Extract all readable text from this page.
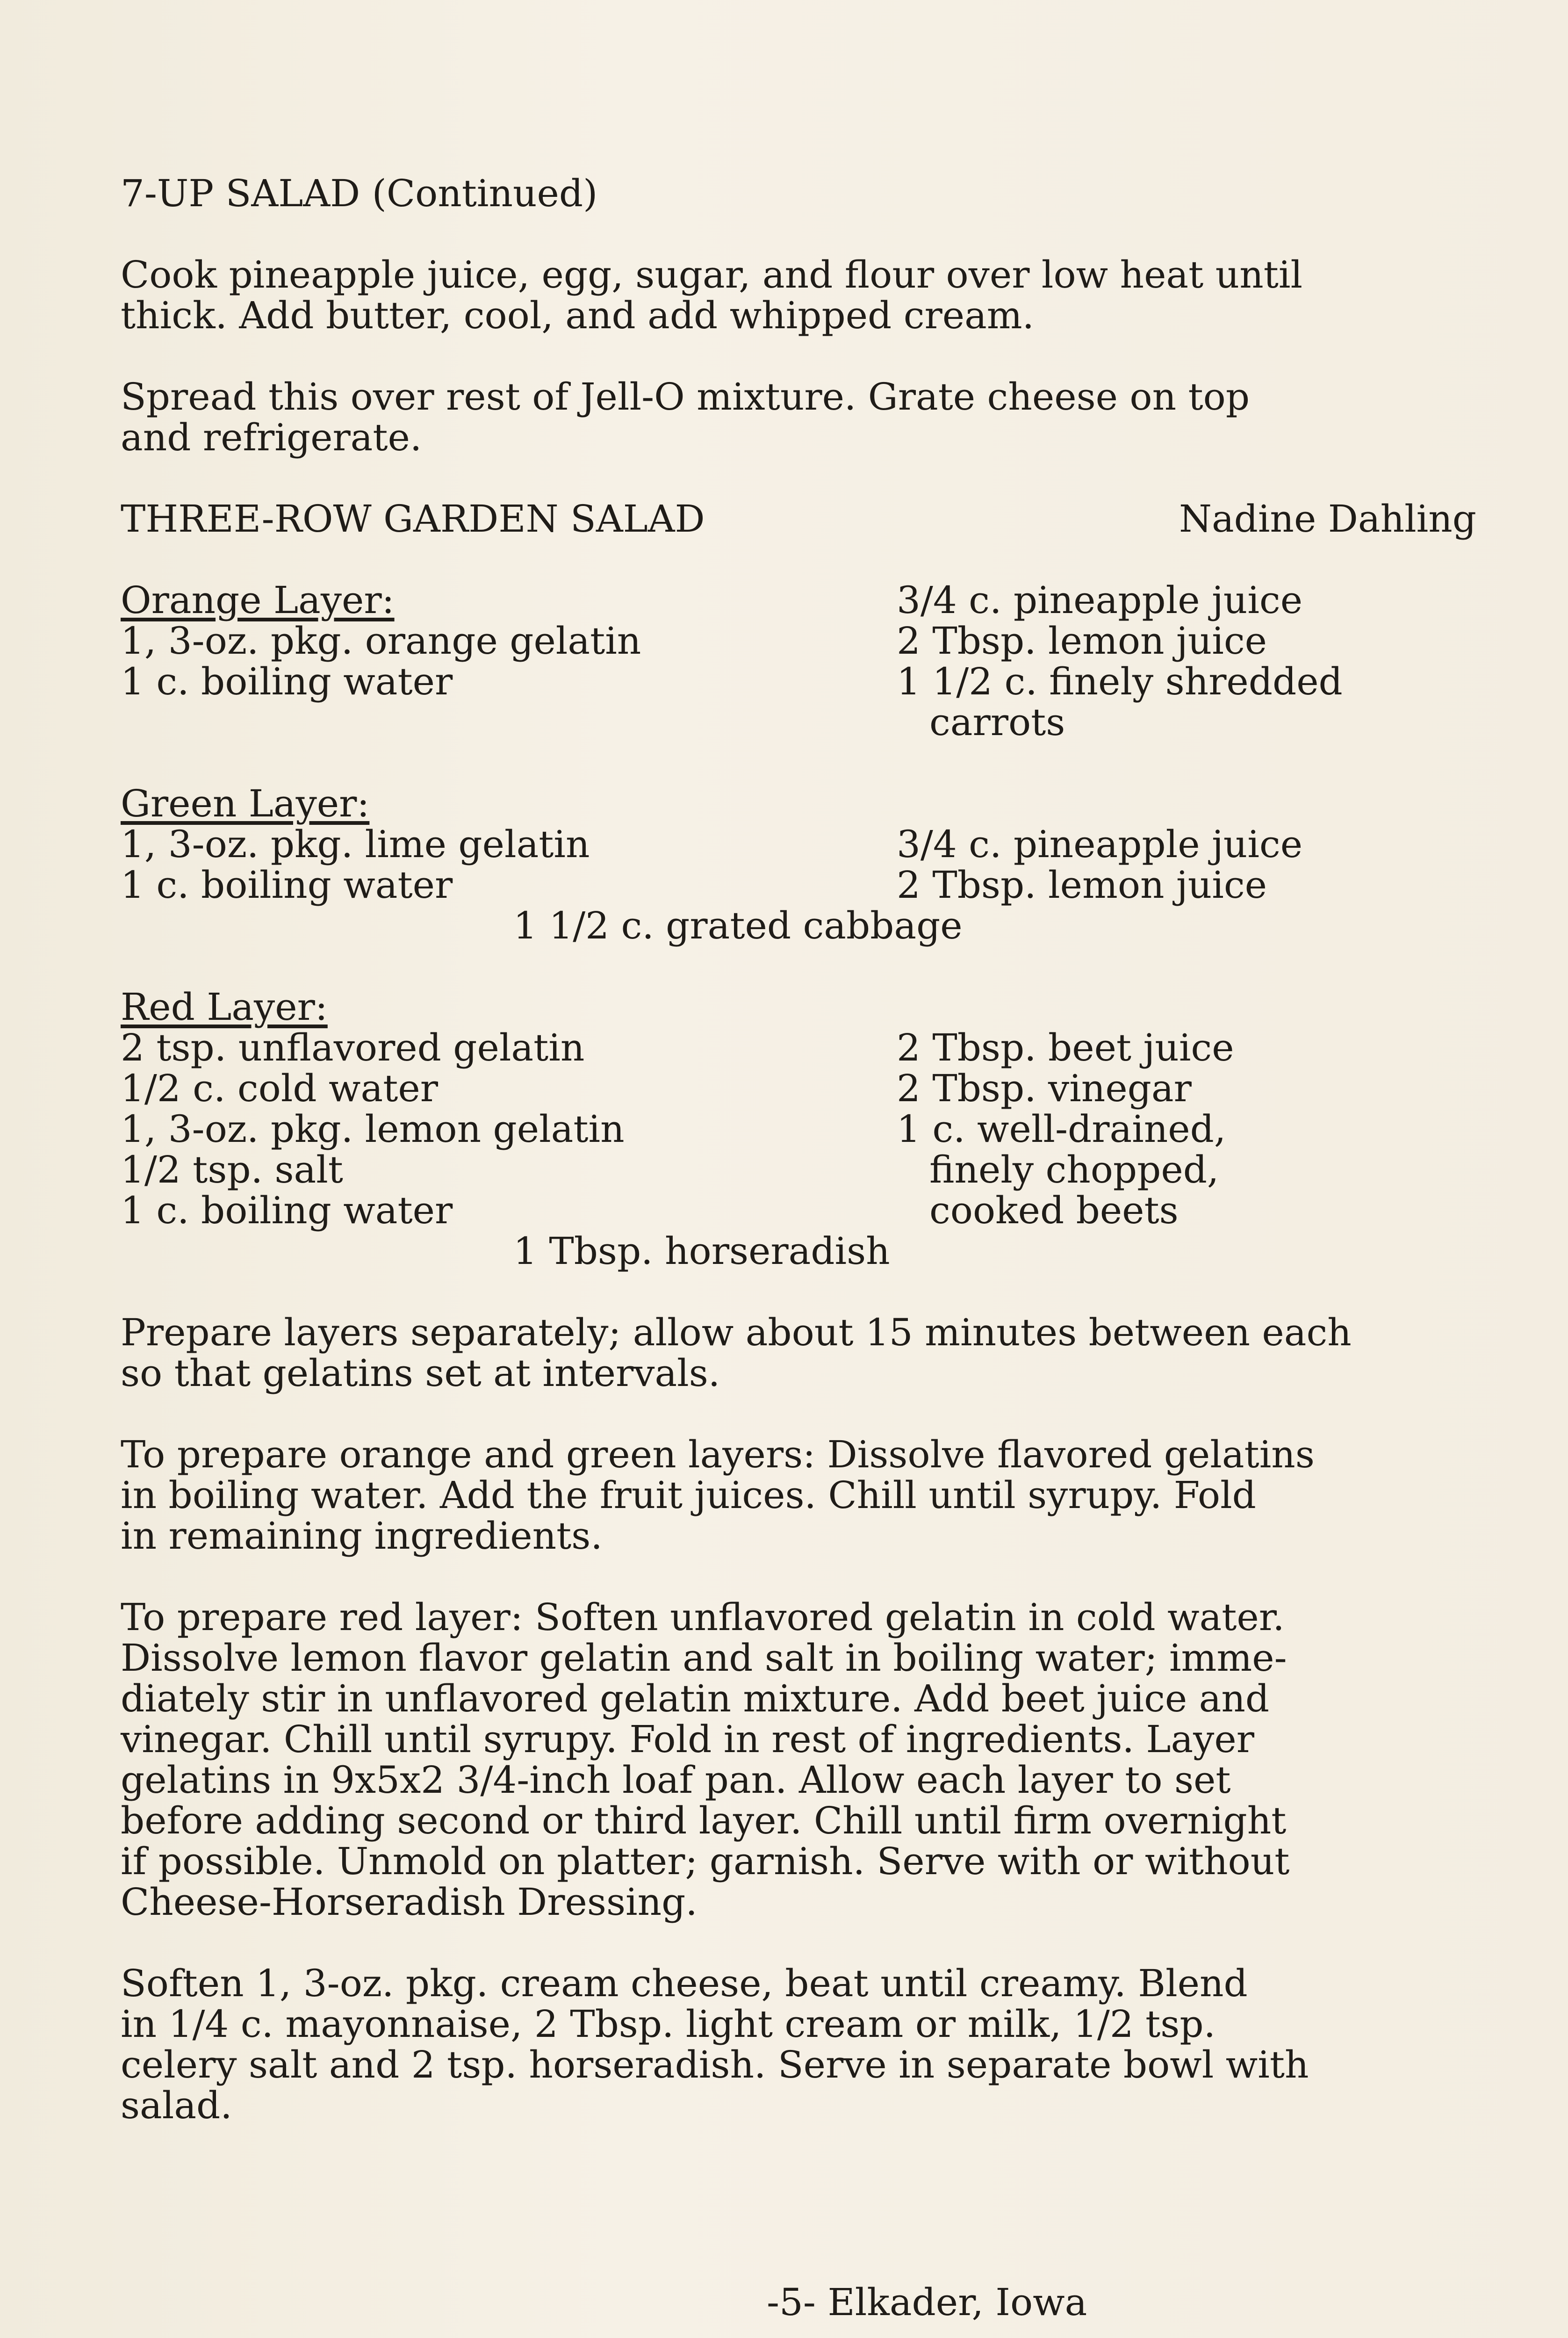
7-UP SALAD (Continued)
Cook pineapple juice, egg, sugar, and flour over low heat until
thick. Add butter, cool, and add whipped cream.
Spread this over rest of Jell-O mixture. Grate cheese on top
and refrigerate.
THREE-ROW GARDEN SALAD	Nadine Dahling
Orange Layer:
1, 3-oz. pkg. orange gelatin
1 c. boiling water
3/4 c. pineapple juice
2 Tbsp. lemon juice
1 1/2 c. finely shredded
carrots
Green Layer:
1, 3-oz. pkg. lime gelatin
1 c. boiling water
3/4 c. pineapple juice
2 Tbsp. lemon juice
1 1/2 c. grated cabbage
Red Layer:
2 tsp. unflavored gelatin
1/2 c. cold water
1, 3-oz. pkg. lemon gelatin
1/2 tsp. salt
1 c. boiling water
2 Tbsp. beet juice
2 Tbsp. vinegar
1 c. well-drained,
finely chopped,
cooked beets
1 Tbsp. horseradish
Prepare layers separately; allow about 15 minutes between each
so that gelatins set at intervals.
To prepare orange and green layers: Dissolve flavored gelatins
in boiling water. Add the fruit juices. Chill until syrupy. Fold
in remaining ingredients.
To prepare red layer: Soften unflavored gelatin in cold water.
Dissolve lemon flavor gelatin and salt in boiling water; imme-
diately stir in unflavored gelatin mixture. Add beet juice and
vinegar. Chill until syrupy. Fold in rest of ingredients. Layer
gelatins in 9x5x2 3/4-inch loaf pan. Allow each layer to set
before adding second or third layer. Chill until firm overnight
if possible. Unmold on platter; garnish. Serve with or without
Cheese-Horseradish Dressing.
Soften 1, 3-oz. pkg. cream cheese, beat until creamy. Blend
in 1/4 c. mayonnaise, 2 Tbsp. light cream or milk, 1/2 tsp.
celery salt and 2 tsp. horseradish. Serve in separate bowl with
salad.
-5- Elkader, Iowa
